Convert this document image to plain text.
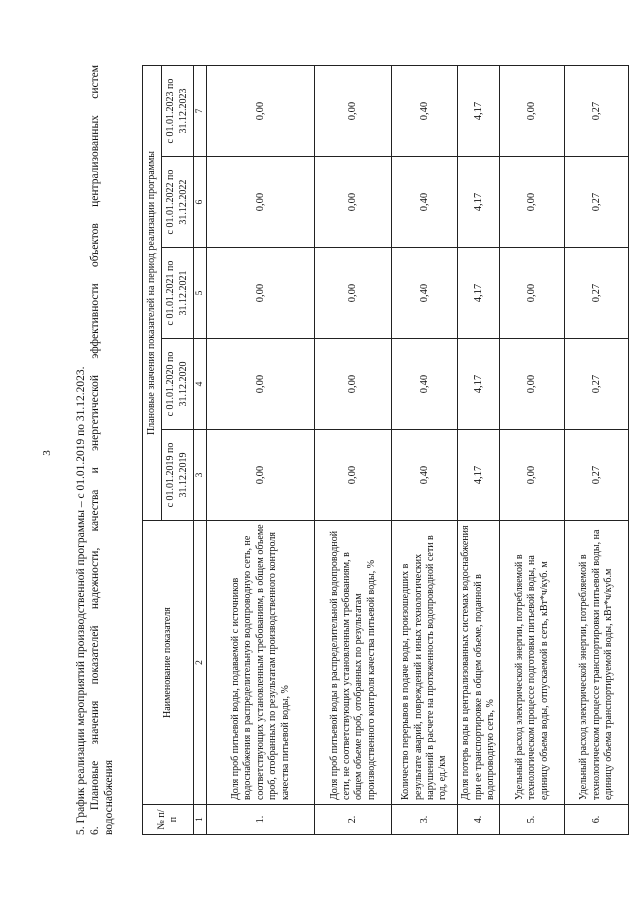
3 5. График реализации мероприятий производственной программы – с 01.01.2019 по 31.12.2023. 6. Плановые значения показателей надежности, качества и энергетической эффективности объектов централизованных систем водоснабжения	№ п/п	Наименование показателя	Плановые значения показателей на период реализации программы				
		с 01.01.2019 по 31.12.2019	с 01.01.2020 по 31.12.2020	с 01.01.2021 по 31.12.2021	с 01.01.2022 по 31.12.2022	с 01.01.2023 по 31.12.2023
1	2	3	4	5	6	7
1.	Доля проб питьевой воды, подаваемой с источников водоснабжения в распределительную водопроводную сеть, не соответствующих установленным требованиям, в общем объеме проб, отобранных по результатам производственного контроля качества питьевой воды, %	0,00	0,00	0,00	0,00	0,00
2.	Доля проб питьевой воды в распределительной водопроводной сети, не соответствующих установленным требованиям, в общем объеме проб, отобранных по результатам производственного контроля качества питьевой воды, %	0,00	0,00	0,00	0,00	0,00
3.	Количество перерывов в подаче воды, произошедших в результате аварий, повреждений и иных технологических нарушений в расчете на протяженность водопроводной сети в год, ед./км	0,40	0,40	0,40	0,40	0,40
4.	Доля потерь воды в централизованных системах водоснабжения при ее транспортировке в общем объеме, поданной в водопроводную сеть, %	4,17	4,17	4,17	4,17	4,17
5.	Удельный расход электрической энергии, потребляемой в технологическом процессе подготовки питьевой воды, на единицу объема воды, отпускаемой в сеть, кВт*ч/куб. м	0,00	0,00	0,00	0,00	0,00
6.	Удельный расход электрической энергии, потребляемой в технологическом процессе транспортировки питьевой воды, на единицу объема транспортируемой воды, кВт*ч/куб.м	0,27	0,27	0,27	0,27	0,27
